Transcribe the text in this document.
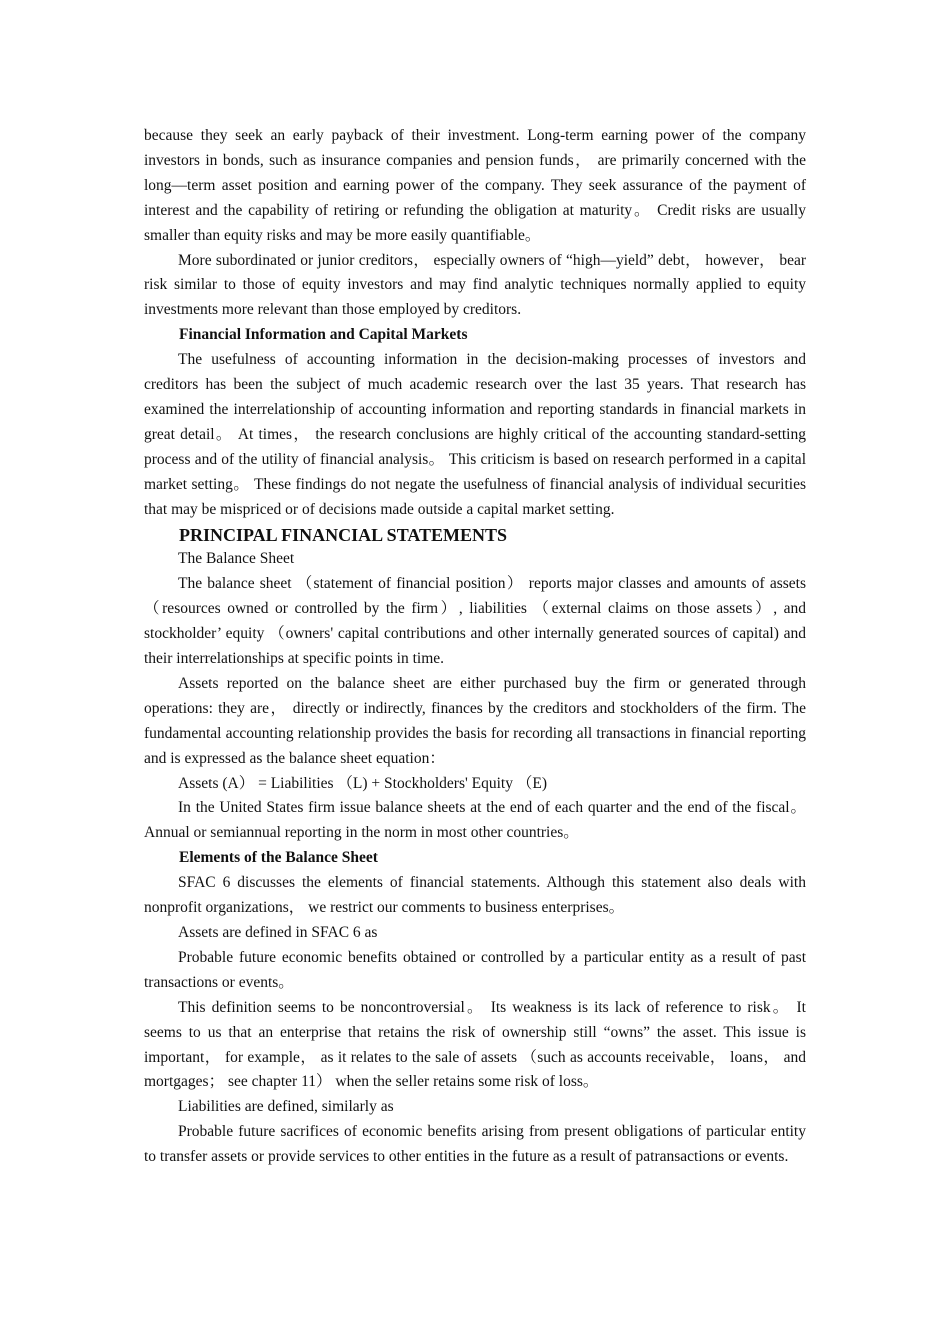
because they seek an early payback of their investment. Long-term earning power of the company investors in bonds, such as insurance companies and pension funds， are primarily concerned with the long—term asset position and earning power of the company. They seek assurance of the payment of interest and the capability of retiring or refunding the obligation at maturity。 Credit risks are usually smaller than equity risks and may be more easily quantifiable。

More subordinated or junior creditors， especially owners of “high—yield” debt， however， bear risk similar to those of equity investors and may find analytic techniques normally applied to equity investments more relevant than those employed by creditors.

Financial Information and Capital Markets

The usefulness of accounting information in the decision-making processes of investors and creditors has been the subject of much academic research over the last 35 years. That research has examined the interrelationship of accounting information and reporting standards in financial markets in great detail。 At times， the research conclusions are highly critical of the accounting standard-setting process and of the utility of financial analysis。 This criticism is based on research performed in a capital market setting。 These findings do not negate the usefulness of financial analysis of individual securities that may be mispriced or of decisions made outside a capital market setting.

PRINCIPAL FINANCIAL STATEMENTS

The Balance Sheet

The balance sheet （statement of financial position） reports major classes and amounts of assets （resources owned or controlled by the firm）, liabilities （external claims on those assets）, and stockholder’ equity （owners' capital contributions and other internally generated sources of capital) and their interrelationships at specific points in time.

Assets reported on the balance sheet are either purchased buy the firm or generated through operations: they are， directly or indirectly, finances by the creditors and stockholders of the firm. The fundamental accounting relationship provides the basis for recording all transactions in financial reporting and is expressed as the balance sheet equation：

Assets (A） = Liabilities （L) + Stockholders' Equity （E)

In the United States firm issue balance sheets at the end of each quarter and the end of the fiscal。 Annual or semiannual reporting in the norm in most other countries。

Elements of the Balance Sheet

SFAC 6 discusses the elements of financial statements. Although this statement also deals with nonprofit organizations， we restrict our comments to business enterprises。

Assets are defined in SFAC 6 as

Probable future economic benefits obtained or controlled by a particular entity as a result of past transactions or events。

This definition seems to be noncontroversial。 Its weakness is its lack of reference to risk。 It seems to us that an enterprise that retains the risk of ownership still “owns” the asset. This issue is important， for example， as it relates to the sale of assets （such as accounts receivable， loans， and mortgages； see chapter 11） when the seller retains some risk of loss。

Liabilities are defined, similarly as

Probable future sacrifices of economic benefits arising from present obligations of particular entity to transfer assets or provide services to other entities in the future as a result of patransactions or events.
